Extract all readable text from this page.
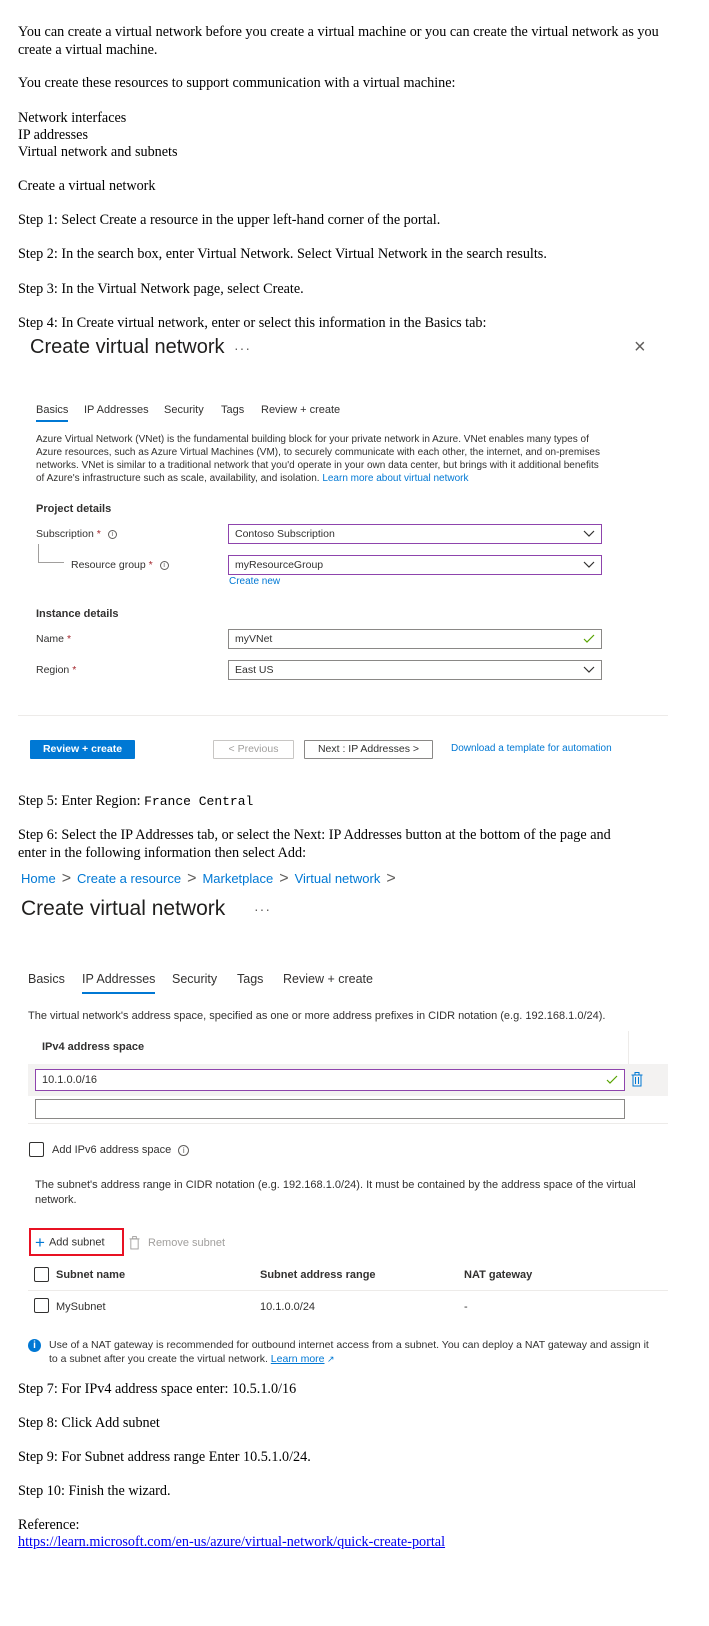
You can create a virtual network before you create a virtual machine or you can create the virtual network as you create a virtual machine.

You create these resources to support communication with a virtual machine:

Network interfaces

IP addresses

Virtual network and subnets

Create a virtual network

Step 1: Select Create a resource in the upper left-hand corner of the portal.

Step 2: In the search box, enter Virtual Network. Select Virtual Network in the search results.

Step 3: In the Virtual Network page, select Create.

Step 4: In Create virtual network, enter or select this information in the Basics tab:

Create virtual network ···	×
Basics IP Addresses Security Tags Review + create
Azure Virtual Network (VNet) is the fundamental building block for your private network in Azure. VNet enables many types of Azure resources, such as Azure Virtual Machines (VM), to securely communicate with each other, the internet, and on-premises networks. VNet is similar to a traditional network that you'd operate in your own data center, but brings with it additional benefits of Azure's infrastructure such as scale, availability, and isolation. Learn more about virtual network
Project details
Subscription * i	Contoso Subscription
Resource group * i	myResourceGroup
Create new
Instance details
Name *	myVNet
Region *	East US
Review + create	< Previous	Next : IP Addresses >	Download a template for automation

Step 5: Enter Region: France Central

Step 6: Select the IP Addresses tab, or select the Next: IP Addresses button at the bottom of the page and enter in the following information then select Add:

Home > Create a resource > Marketplace > Virtual network >
Create virtual network ···
Basics IP Addresses Security Tags Review + create
The virtual network's address space, specified as one or more address prefixes in CIDR notation (e.g. 192.168.1.0/24).
IPv4 address space
10.1.0.0/16
Add IPv6 address space i
The subnet's address range in CIDR notation (e.g. 192.168.1.0/24). It must be contained by the address space of the virtual network.
+ Add subnet	Remove subnet
Subnet name	Subnet address range	NAT gateway
MySubnet	10.1.0.0/24	-
i	Use of a NAT gateway is recommended for outbound internet access from a subnet. You can deploy a NAT gateway and assign it to a subnet after you create the virtual network. Learn more ↗

Step 7: For IPv4 address space enter: 10.5.1.0/16

Step 8: Click Add subnet

Step 9: For Subnet address range Enter 10.5.1.0/24.

Step 10: Finish the wizard.

Reference:

https://learn.microsoft.com/en-us/azure/virtual-network/quick-create-portal
